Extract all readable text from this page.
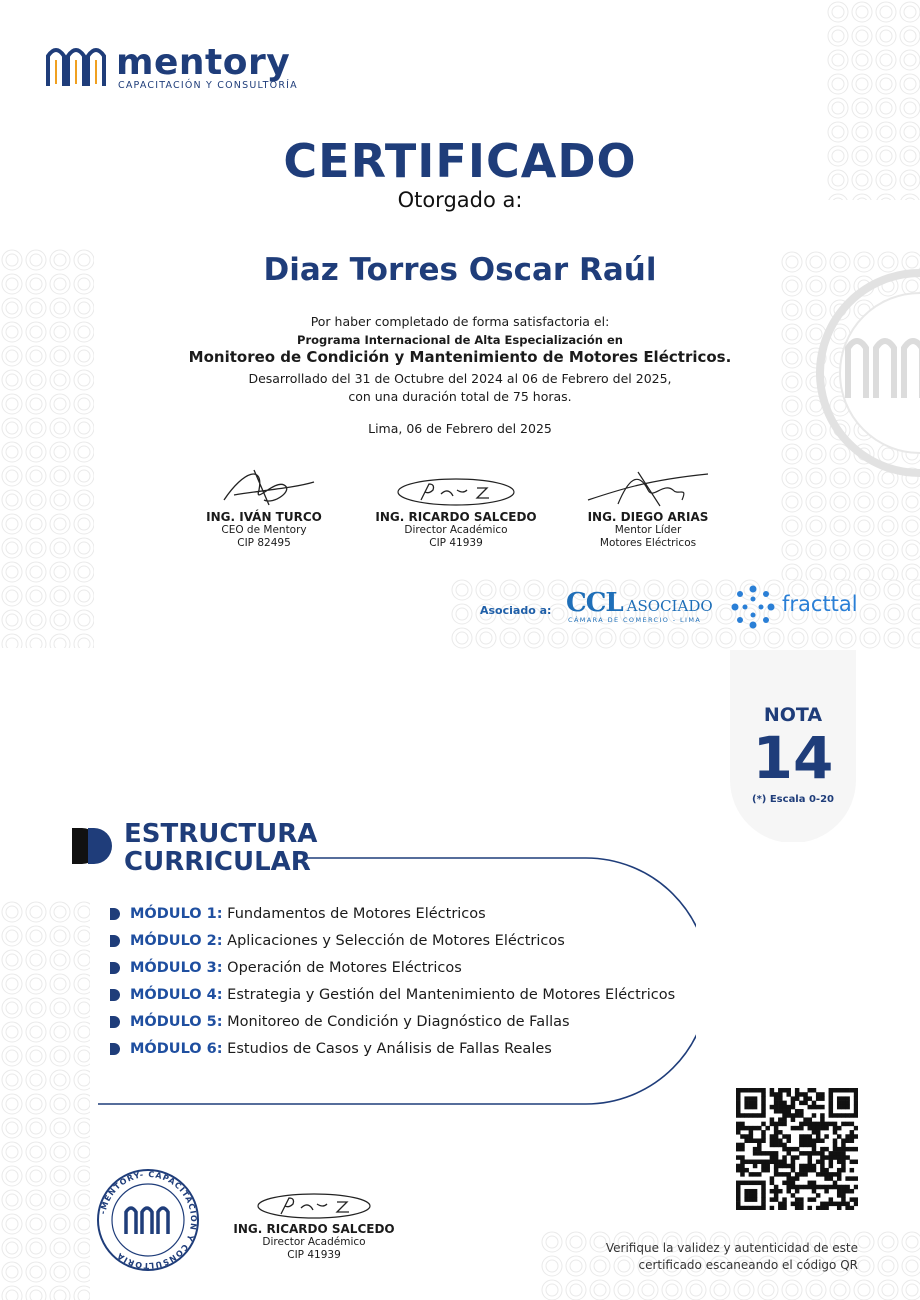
mentory
CAPACITACIÓN Y CONSULTORÍA
CERTIFICADO
Otorgado a:
Diaz Torres Oscar Raúl
Por haber completado de forma satisfactoria el:
Programa Internacional de Alta Especialización en
Monitoreo de Condición y Mantenimiento de Motores Eléctricos.
Desarrollado del 31 de Octubre del 2024 al 06 de Febrero del 2025,
con una duración total de 75 horas.
Lima, 06 de Febrero del 2025
ING. IVÁN TURCO
CEO de Mentory
CIP 82495
ING. RICARDO SALCEDO
Director Académico
CIP 41939
ING. DIEGO ARIAS
Mentor Líder
Motores Eléctricos
Asociado a: CCL ASOCIADO
CÁMARA DE COMERCIO - LIMA
fracttal
NOTA
14
(*) Escala 0-20
ESTRUCTURA
CURRICULAR
MÓDULO 1: Fundamentos de Motores Eléctricos
MÓDULO 2: Aplicaciones y Selección de Motores Eléctricos
MÓDULO 3: Operación de Motores Eléctricos
MÓDULO 4: Estrategia y Gestión del Mantenimiento de Motores Eléctricos
MÓDULO 5: Monitoreo de Condición y Diagnóstico de Fallas
MÓDULO 6: Estudios de Casos y Análisis de Fallas Reales
Verifique la validez y autenticidad de este
certificado escaneando el código QR
-MENTORY- CAPACITACIÓN Y CONSULTORÍA
ING. RICARDO SALCEDO
Director Académico
CIP 41939
